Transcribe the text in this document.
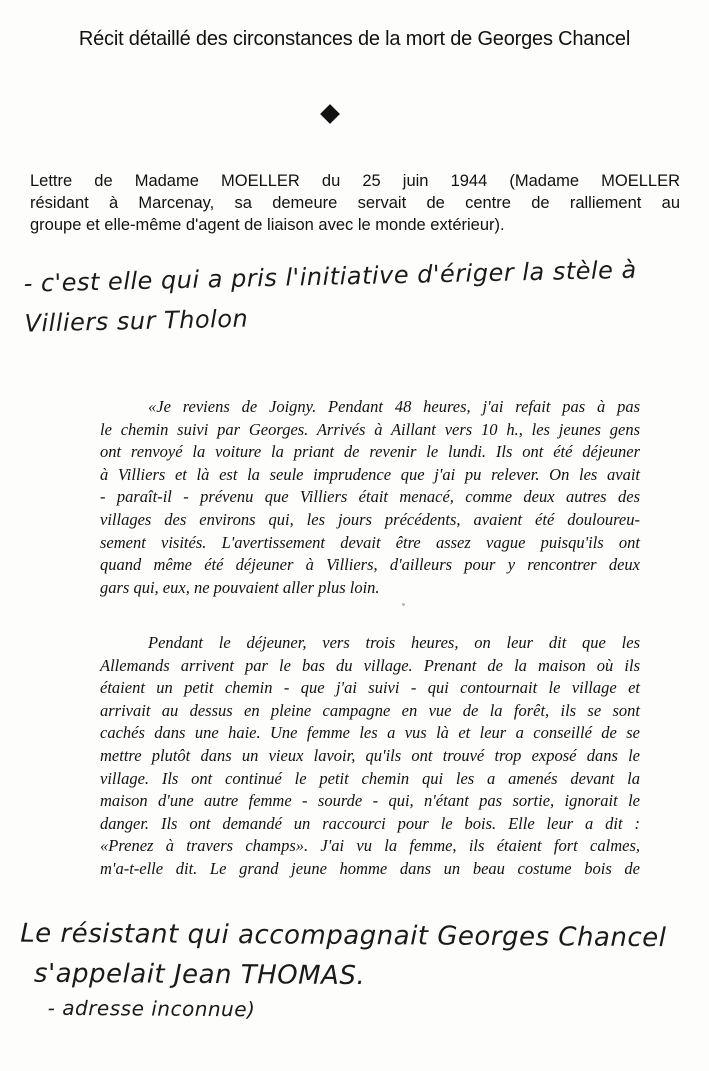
Récit détaillé des circonstances de la mort de Georges Chancel
Lettre de Madame MOELLER du 25 juin 1944 (Madame MOELLER
résidant à Marcenay, sa demeure servait de centre de ralliement au
groupe et elle-même d'agent de liaison avec le monde extérieur).
- c'est elle qui a pris l'initiative d'ériger la stèle à
Villiers sur Tholon

«Je reviens de Joigny. Pendant 48 heures, j'ai refait pas à pas
le chemin suivi par Georges. Arrivés à Aillant vers 10 h., les jeunes gens
ont renvoyé la voiture la priant de revenir le lundi. Ils ont été déjeuner
à Villiers et là est la seule imprudence que j'ai pu relever. On les avait
- paraît-il - prévenu que Villiers était menacé, comme deux autres des
villages des environs qui, les jours précédents, avaient été douloureu-
sement visités. L'avertissement devait être assez vague puisqu'ils ont
quand même été déjeuner à Villiers, d'ailleurs pour y rencontrer deux
gars qui, eux, ne pouvaient aller plus loin.

Pendant le déjeuner, vers trois heures, on leur dit que les
Allemands arrivent par le bas du village. Prenant de la maison où ils
étaient un petit chemin - que j'ai suivi - qui contournait le village et
arrivait au dessus en pleine campagne en vue de la forêt, ils se sont
cachés dans une haie. Une femme les a vus là et leur a conseillé de se
mettre plutôt dans un vieux lavoir, qu'ils ont trouvé trop exposé dans le
village. Ils ont continué le petit chemin qui les a amenés devant la
maison d'une autre femme - sourde - qui, n'étant pas sortie, ignorait le
danger. Ils ont demandé un raccourci pour le bois. Elle leur a dit :
«Prenez à travers champs». J'ai vu la femme, ils étaient fort calmes,
m'a-t-elle dit. Le grand jeune homme dans un beau costume bois de

Le résistant qui accompagnait Georges Chancel
s'appelait Jean THOMAS.
- adresse inconnue)
